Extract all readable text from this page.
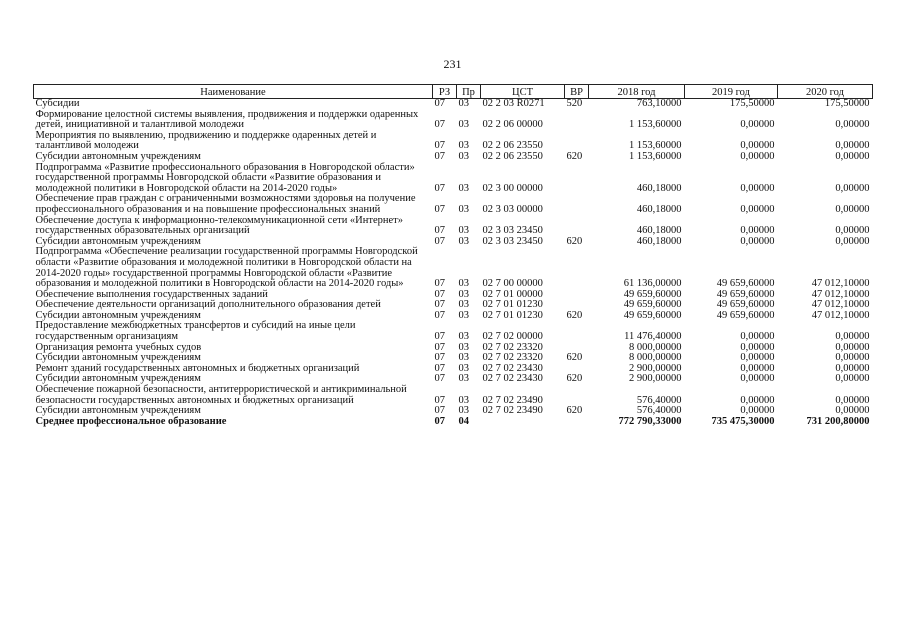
231
Наименование	РЗ	Пр	ЦСТ	ВР	2018 год	2019 год	2020 год
Субсидии	07	03	02 2 03 R0271	520	763,10000	175,50000	175,50000
Формирование целостной системы выявления, продвижения и поддержки одаренных детей, инициативной и талантливой молодежи	07	03	02 2 06 00000		1 153,60000	0,00000	0,00000
Мероприятия по выявлению, продвижению и поддержке одаренных детей и талантливой молодежи	07	03	02 2 06 23550		1 153,60000	0,00000	0,00000
Субсидии автономным учреждениям	07	03	02 2 06 23550	620	1 153,60000	0,00000	0,00000
Подпрограмма «Развитие профессионального образования в Новгородской области» государственной программы Новгородской области «Развитие образования и молодежной политики в Новгородской области на 2014-2020 годы»	07	03	02 3 00 00000		460,18000	0,00000	0,00000
Обеспечение прав граждан с ограниченными возможностями здоровья на получение профессионального образования и на повышение профессиональных знаний	07	03	02 3 03 00000		460,18000	0,00000	0,00000
Обеспечение доступа к информационно-телекоммуникационной сети «Интернет» государственных образовательных организаций	07	03	02 3 03 23450		460,18000	0,00000	0,00000
Субсидии автономным учреждениям	07	03	02 3 03 23450	620	460,18000	0,00000	0,00000
Подпрограмма «Обеспечение реализации государственной программы Новгородской области «Развитие образования и молодежной политики в Новгородской области на 2014-2020 годы» государственной программы Новгородской области «Развитие образования и молодежной политики в Новгородской области на 2014-2020 годы»	07	03	02 7 00 00000		61 136,00000	49 659,60000	47 012,10000
Обеспечение выполнения государственных заданий	07	03	02 7 01 00000		49 659,60000	49 659,60000	47 012,10000
Обеспечение деятельности организаций дополнительного образования детей	07	03	02 7 01 01230		49 659,60000	49 659,60000	47 012,10000
Субсидии автономным учреждениям	07	03	02 7 01 01230	620	49 659,60000	49 659,60000	47 012,10000
Предоставление межбюджетных трансфертов и субсидий на иные цели государственным организациям	07	03	02 7 02 00000		11 476,40000	0,00000	0,00000
Организация ремонта учебных судов	07	03	02 7 02 23320		8 000,00000	0,00000	0,00000
Субсидии автономным учреждениям	07	03	02 7 02 23320	620	8 000,00000	0,00000	0,00000
Ремонт зданий государственных автономных и бюджетных организаций	07	03	02 7 02 23430		2 900,00000	0,00000	0,00000
Субсидии автономным учреждениям	07	03	02 7 02 23430	620	2 900,00000	0,00000	0,00000
Обеспечение пожарной безопасности, антитеррористической и антикриминальной безопасности государственных автономных и бюджетных организаций	07	03	02 7 02 23490		576,40000	0,00000	0,00000
Субсидии автономным учреждениям	07	03	02 7 02 23490	620	576,40000	0,00000	0,00000
Среднее профессиональное образование	07	04			772 790,33000	735 475,30000	731 200,80000
